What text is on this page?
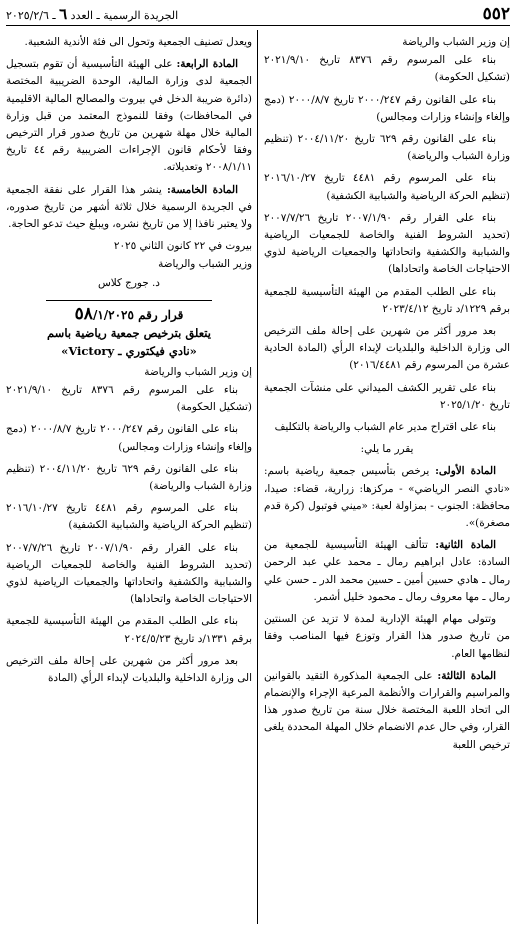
٥٥٢
الجريدة الرسمية ـ العدد ٦ ـ ٢٠٢٥/٢/٦

إن وزير الشباب والرياضة

بناء على المرسوم رقم ٨٣٧٦ تاريخ ٢٠٢١/٩/١٠ (تشكيل الحكومة)

بناء على القانون رقم ٢٠٠٠/٢٤٧ تاريخ ٢٠٠٠/٨/٧ (دمج وإلغاء وإنشاء وزارات ومجالس)

بناء على القانون رقم ٦٢٩ تاريخ ٢٠٠٤/١١/٢٠ (تنظيم وزارة الشباب والرياضة)

بناء على المرسوم رقم ٤٤٨١ تاريخ ٢٠١٦/١٠/٢٧ (تنظيم الحركة الرياضية والشبابية الكشفية)

بناء على القرار رقم ٢٠٠٧/١/٩٠ تاريخ ٢٠٠٧/٧/٢٦ (تحديد الشروط الفنية والخاصة للجمعيات الرياضية والشبابية والكشفية واتحاداتها والجمعيات الرياضية لذوي الاحتياجات الخاصة واتحاداها)

بناء على الطلب المقدم من الهيئة التأسيسية للجمعية برقم ١٢٢٩/د تاريخ ٢٠٢٣/٤/١٢

بعد مرور أكثر من شهرين على إحالة ملف الترخيص الى وزارة الداخلية والبلديات لإبداء الرأي (المادة الحادية عشرة من المرسوم رقم ٢٠١٦/٤٤٨١)

بناء على تقرير الكشف الميداني على منشآت الجمعية تاريخ ٢٠٢٥/١/٢٠

بناء على اقتراح مدير عام الشباب والرياضة بالتكليف

يقرر ما يلي:

المادة الأولى: يرخص بتأسيس جمعية رياضية باسم: «نادي النصر الرياضي» - مركزها: زرارية، قضاء: صيدا، محافظة: الجنوب - بمزاولة لعبة: «ميني فوتبول (كرة قدم مصغرة)».

المادة الثانية: تتألف الهيئة التأسيسية للجمعية من السادة: عادل ابراهيم رمال ـ محمد علي عبد الرحمن رمال ـ هادي حسين أمين ـ حسين محمد الدر ـ حسن علي رمال ـ مها معروف رمال ـ محمود خليل أشمر.

وتتولى مهام الهيئة الإدارية لمدة لا تزيد عن السنتين من تاريخ صدور هذا القرار وتوزع فيها المناصب وفقا لنظامها العام.

المادة الثالثة: على الجمعية المذكورة التقيد بالقوانين والمراسيم والقرارات والأنظمة المرعية الإجراء والإنضمام الى اتحاد اللعبة المختصة خلال سنة من تاريخ صدور هذا القرار، وفي حال عدم الانضمام خلال المهلة المحددة يلغى ترخيص اللعبة

ويعدل تصنيف الجمعية وتحول الى فئة الأندية الشعبية.

المادة الرابعة: على الهيئة التأسيسية أن تقوم بتسجيل الجمعية لدى وزارة المالية، الوحدة الضريبية المختصة (دائرة ضريبة الدخل في بيروت والمصالح المالية الاقليمية في المحافظات) وفقا للنموذج المعتمد من قبل وزارة المالية خلال مهلة شهرين من تاريخ صدور قرار الترخيص وفقا لأحكام قانون الإجراءات الضريبية رقم ٤٤ تاريخ ٢٠٠٨/١/١١ وتعديلاته.

المادة الخامسة: ينشر هذا القرار على نفقة الجمعية في الجريدة الرسمية خلال ثلاثة أشهر من تاريخ صدوره، ولا يعتبر نافذا إلا من تاريخ نشره، ويبلغ حيث تدعو الحاجة.

بيروت في ٢٢ كانون الثاني ٢٠٢٥

وزير الشباب والرياضة

د. جورج كلاس

قرار رقم ٥٨/١/٢٠٢٥
يتعلق بترخيص جمعية رياضية باسم
«نادي فيكتوري ـ Victory»

إن وزير الشباب والرياضة

بناء على المرسوم رقم ٨٣٧٦ تاريخ ٢٠٢١/٩/١٠ (تشكيل الحكومة)

بناء على القانون رقم ٢٠٠٠/٢٤٧ تاريخ ٢٠٠٠/٨/٧ (دمج وإلغاء وإنشاء وزارات ومجالس)

بناء على القانون رقم ٦٢٩ تاريخ ٢٠٠٤/١١/٢٠ (تنظيم وزارة الشباب والرياضة)

بناء على المرسوم رقم ٤٤٨١ تاريخ ٢٠١٦/١٠/٢٧ (تنظيم الحركة الرياضية والشبابية الكشفية)

بناء على القرار رقم ٢٠٠٧/١/٩٠ تاريخ ٢٠٠٧/٧/٢٦ (تحديد الشروط الفنية والخاصة للجمعيات الرياضية والشبابية والكشفية واتحاداتها والجمعيات الرياضية لذوي الاحتياجات الخاصة واتحاداها)

بناء على الطلب المقدم من الهيئة التأسيسية للجمعية برقم ١٣٣١/د تاريخ ٢٠٢٤/٥/٢٣

بعد مرور أكثر من شهرين على إحالة ملف الترخيص الى وزارة الداخلية والبلديات لإبداء الرأي (المادة
